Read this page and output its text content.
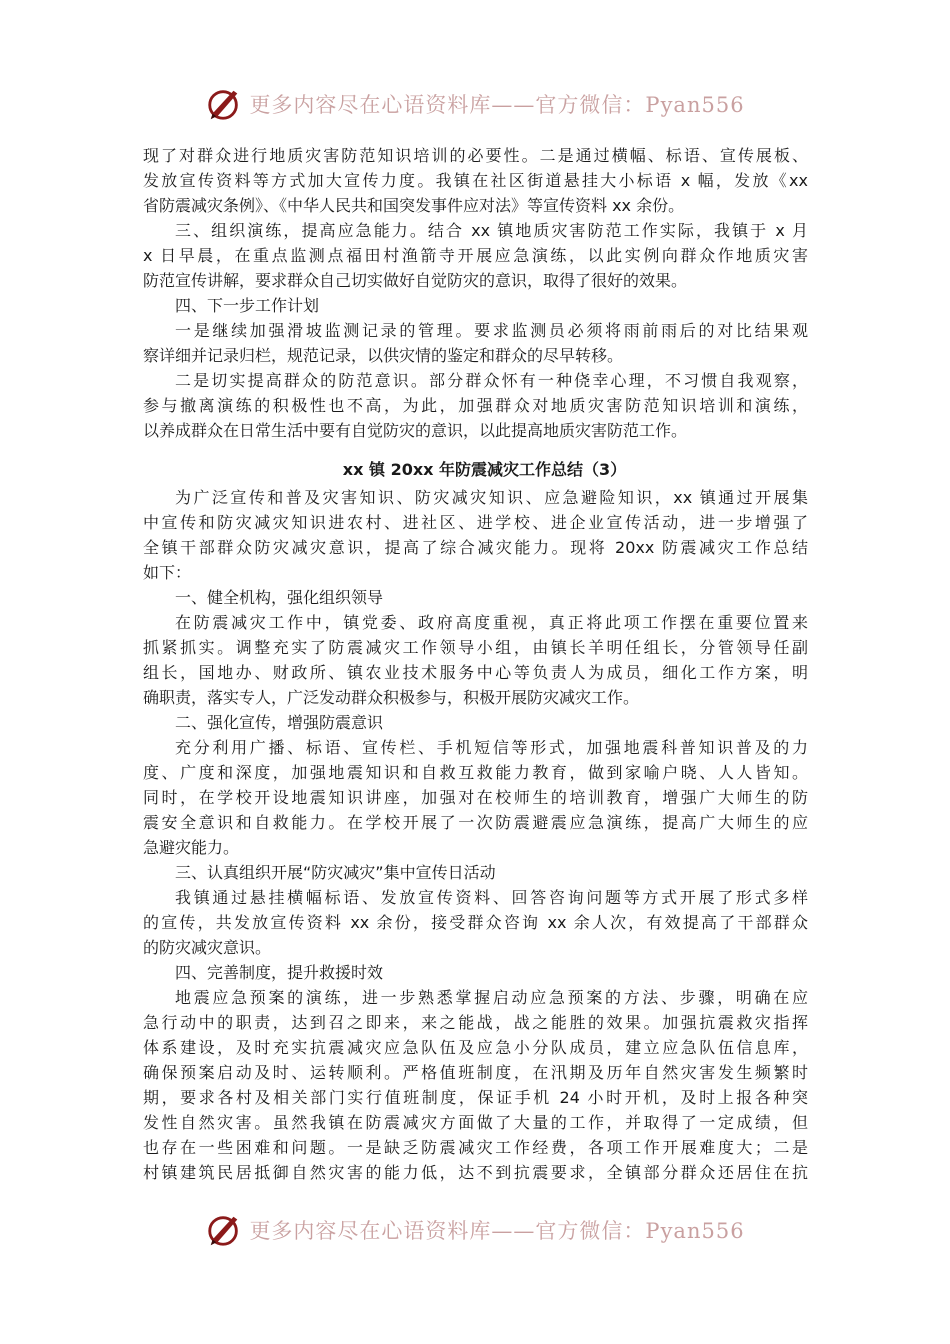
更多内容尽在心语资料库——官方微信：Pyan556
现了对群众进行地质灾害防范知识培训的必要性。二是通过横幅、标语、宣传展板、
发放宣传资料等方式加大宣传力度。我镇在社区街道悬挂大小标语 x 幅，发放《xx
省防震减灾条例》、《中华人民共和国突发事件应对法》等宣传资料 xx 余份。
三、组织演练，提高应急能力。结合 xx 镇地质灾害防范工作实际，我镇于 x 月
x 日早晨，在重点监测点福田村渔箭寺开展应急演练，以此实例向群众作地质灾害
防范宣传讲解，要求群众自己切实做好自觉防灾的意识，取得了很好的效果。
四、下一步工作计划
一是继续加强滑坡监测记录的管理。要求监测员必须将雨前雨后的对比结果观
察详细并记录归栏，规范记录，以供灾情的鉴定和群众的尽早转移。
二是切实提高群众的防范意识。部分群众怀有一种侥幸心理，不习惯自我观察，
参与撤离演练的积极性也不高，为此，加强群众对地质灾害防范知识培训和演练，
以养成群众在日常生活中要有自觉防灾的意识，以此提高地质灾害防范工作。
xx 镇 20xx 年防震减灾工作总结（3）
为广泛宣传和普及灾害知识、防灾减灾知识、应急避险知识，xx 镇通过开展集
中宣传和防灾减灾知识进农村、进社区、进学校、进企业宣传活动，进一步增强了
全镇干部群众防灾减灾意识，提高了综合减灾能力。现将 20xx 防震减灾工作总结
如下：
一、健全机构，强化组织领导
在防震减灾工作中，镇党委、政府高度重视，真正将此项工作摆在重要位置来
抓紧抓实。调整充实了防震减灾工作领导小组，由镇长羊明任组长，分管领导任副
组长，国地办、财政所、镇农业技术服务中心等负责人为成员，细化工作方案，明
确职责，落实专人，广泛发动群众积极参与，积极开展防灾减灾工作。
二、强化宣传，增强防震意识
充分利用广播、标语、宣传栏、手机短信等形式，加强地震科普知识普及的力
度、广度和深度，加强地震知识和自救互救能力教育，做到家喻户晓、人人皆知。
同时，在学校开设地震知识讲座，加强对在校师生的培训教育，增强广大师生的防
震安全意识和自救能力。在学校开展了一次防震避震应急演练，提高广大师生的应
急避灾能力。
三、认真组织开展“防灾减灾”集中宣传日活动
我镇通过悬挂横幅标语、发放宣传资料、回答咨询问题等方式开展了形式多样
的宣传，共发放宣传资料 xx 余份，接受群众咨询 xx 余人次，有效提高了干部群众
的防灾减灾意识。
四、完善制度，提升救援时效
地震应急预案的演练，进一步熟悉掌握启动应急预案的方法、步骤，明确在应
急行动中的职责，达到召之即来，来之能战，战之能胜的效果。加强抗震救灾指挥
体系建设，及时充实抗震减灾应急队伍及应急小分队成员，建立应急队伍信息库，
确保预案启动及时、运转顺利。严格值班制度，在汛期及历年自然灾害发生频繁时
期，要求各村及相关部门实行值班制度，保证手机 24 小时开机，及时上报各种突
发性自然灾害。虽然我镇在防震减灾方面做了大量的工作，并取得了一定成绩，但
也存在一些困难和问题。一是缺乏防震减灾工作经费，各项工作开展难度大；二是
村镇建筑民居抵御自然灾害的能力低，达不到抗震要求，全镇部分群众还居住在抗
更多内容尽在心语资料库——官方微信：Pyan556
